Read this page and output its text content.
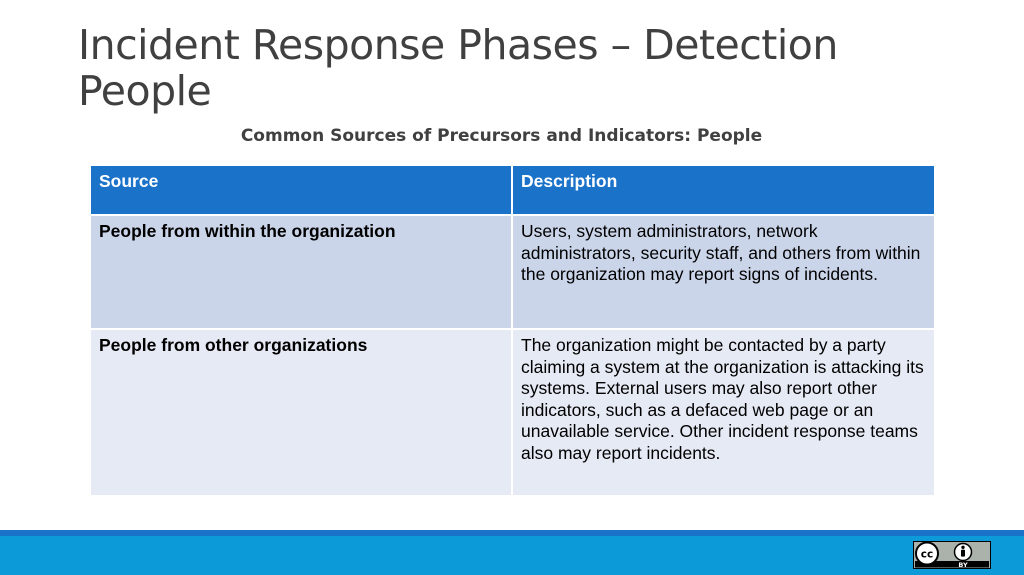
Incident Response Phases – Detection
People
Common Sources of Precursors and Indicators: People
Source	Description
People from within the organization	Users, system administrators, network administrators, security staff, and others from within the organization may report signs of incidents.
People from other organizations	The organization might be contacted by a party claiming a system at the organization is attacking its systems. External users may also report other indicators, such as a defaced web page or an unavailable service. Other incident response teams also may report incidents.
cc
BY
